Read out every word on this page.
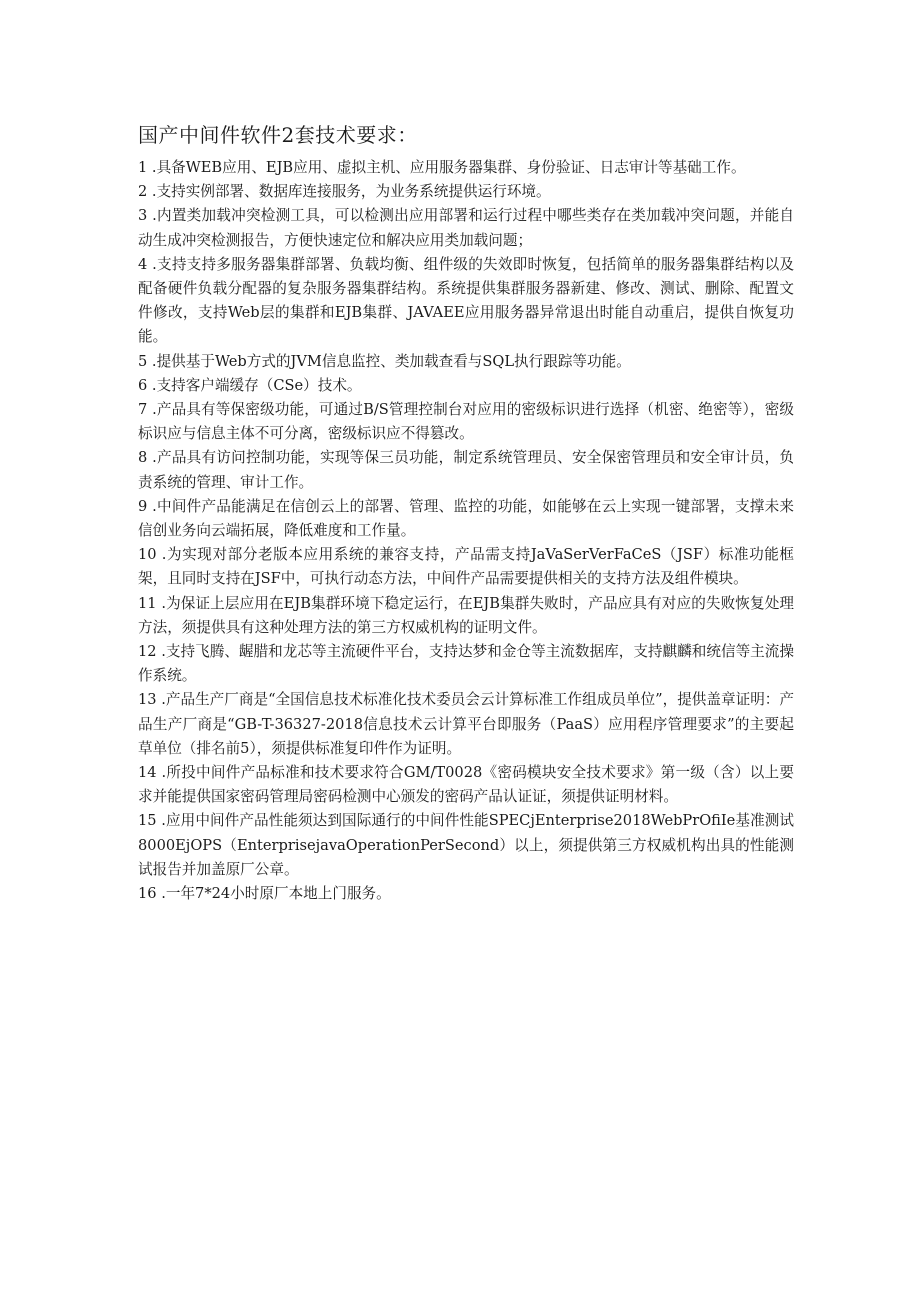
国产中间件软件2套技术要求：
1 .具备WEB应用、EJB应用、虚拟主机、应用服务器集群、身份验证、日志审计等基础工作。
2 .支持实例部署、数据库连接服务，为业务系统提供运行环境。
3 .内置类加载冲突检测工具，可以检测出应用部署和运行过程中哪些类存在类加载冲突问题，并能自动生成冲突检测报告，方便快速定位和解决应用类加载问题；
4 .支持支持多服务器集群部署、负载均衡、组件级的失效即时恢复，包括简单的服务器集群结构以及配备硬件负载分配器的复杂服务器集群结构。系统提供集群服务器新建、修改、测试、删除、配置文件修改，支持Web层的集群和EJB集群、JAVAEE应用服务器异常退出时能自动重启，提供自恢复功能。
5 .提供基于Web方式的JVM信息监控、类加载查看与SQL执行跟踪等功能。
6 .支持客户端缓存（CSe）技术。
7 .产品具有等保密级功能，可通过B/S管理控制台对应用的密级标识进行选择（机密、绝密等），密级标识应与信息主体不可分离，密级标识应不得篡改。
8 .产品具有访问控制功能，实现等保三员功能，制定系统管理员、安全保密管理员和安全审计员，负责系统的管理、审计工作。
9 .中间件产品能满足在信创云上的部署、管理、监控的功能，如能够在云上实现一键部署，支撑未来信创业务向云端拓展，降低难度和工作量。
10 .为实现对部分老版本应用系统的兼容支持，产品需支持JaVaSerVerFaCeS（JSF）标准功能框架，且同时支持在JSF中，可执行动态方法，中间件产品需要提供相关的支持方法及组件模块。
11 .为保证上层应用在EJB集群环境下稳定运行，在EJB集群失败时，产品应具有对应的失败恢复处理方法，须提供具有这种处理方法的第三方权威机构的证明文件。
12 .支持飞腾、龌腊和龙芯等主流硬件平台，支持达梦和金仓等主流数据库，支持麒麟和统信等主流操作系统。
13 .产品生产厂商是“全国信息技术标准化技术委员会云计算标准工作组成员单位”，提供盖章证明：产品生产厂商是“GB-T-36327-2018信息技术云计算平台即服务（PaaS）应用程序管理要求”的主要起草单位（排名前5），须提供标准复印件作为证明。
14 .所投中间件产品标准和技术要求符合GM/T0028《密码模块安全技术要求》第一级（含）以上要求并能提供国家密码管理局密码检测中心颁发的密码产品认证证，须提供证明材料。
15 .应用中间件产品性能须达到国际通行的中间件性能SPECjEnterprise2018WebPrOfiIe基准测试8000EjOPS（EnterprisejavaOperationPerSecond）以上，须提供第三方权威机构出具的性能测试报告并加盖原厂公章。
16 .一年7*24小时原厂本地上门服务。
